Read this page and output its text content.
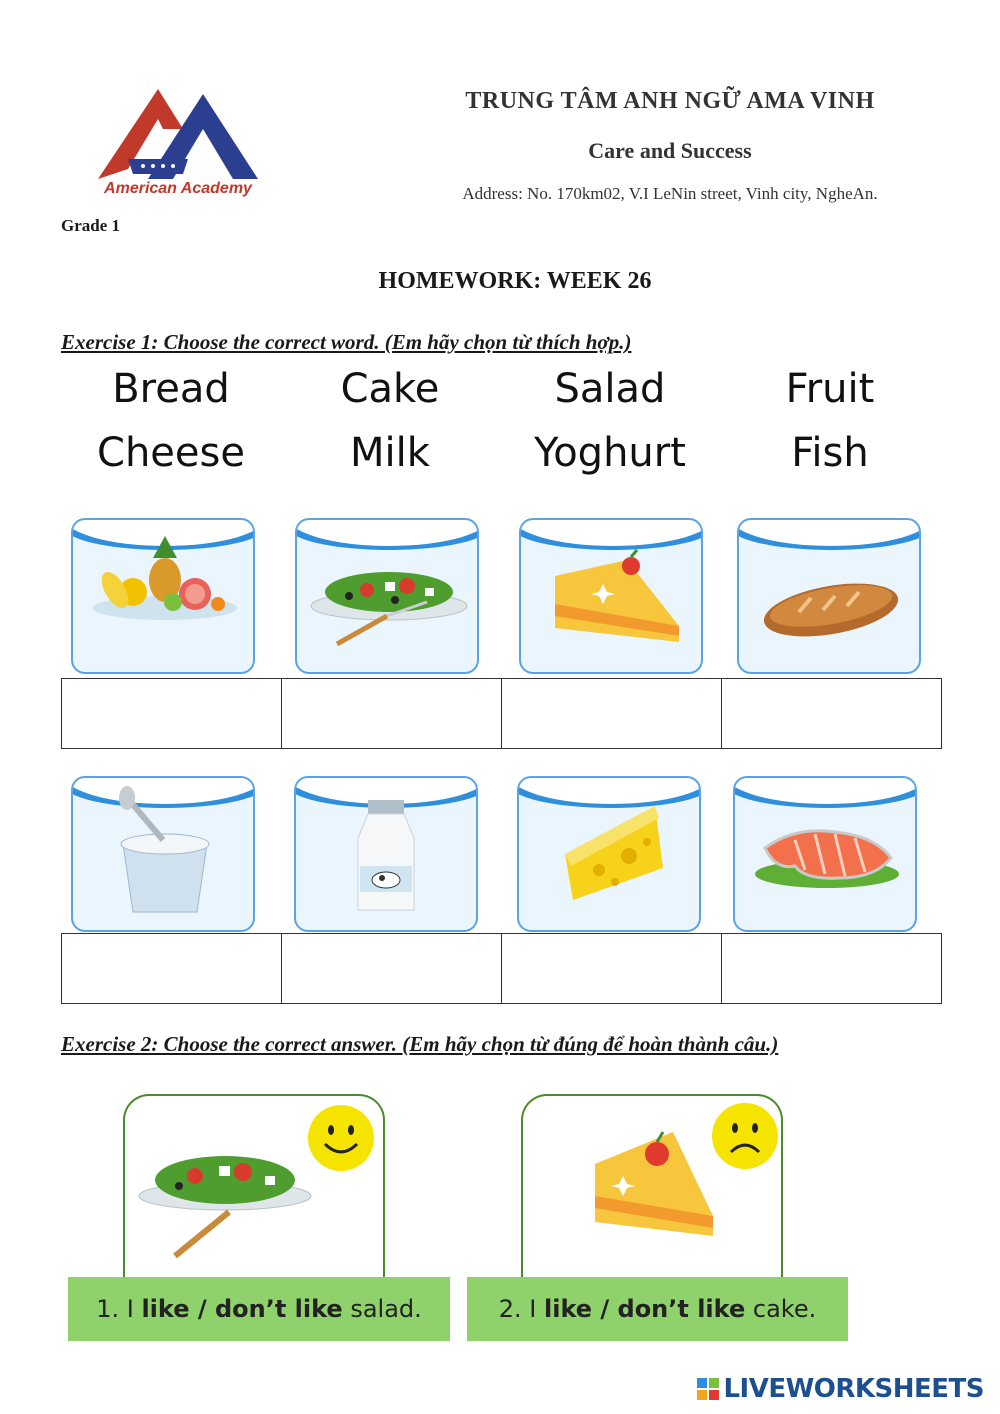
American Academy
TRUNG TÂM ANH NGỮ AMA VINH
Care and Success
Address: No. 170km02, V.I LeNin street, Vinh city, NgheAn.
Grade 1
HOMEWORK: WEEK 26
Exercise 1: Choose the correct word. (Em hãy chọn từ thích hợp.)
Bread	Cake	Salad	Fruit
Cheese	Milk	Yoghurt	Fish

Exercise 2: Choose the correct answer. (Em hãy chọn từ đúng để hoàn thành câu.)
1. I like / don’t like salad.	2. I like / don’t like cake.
LIVEWORKSHEETS
